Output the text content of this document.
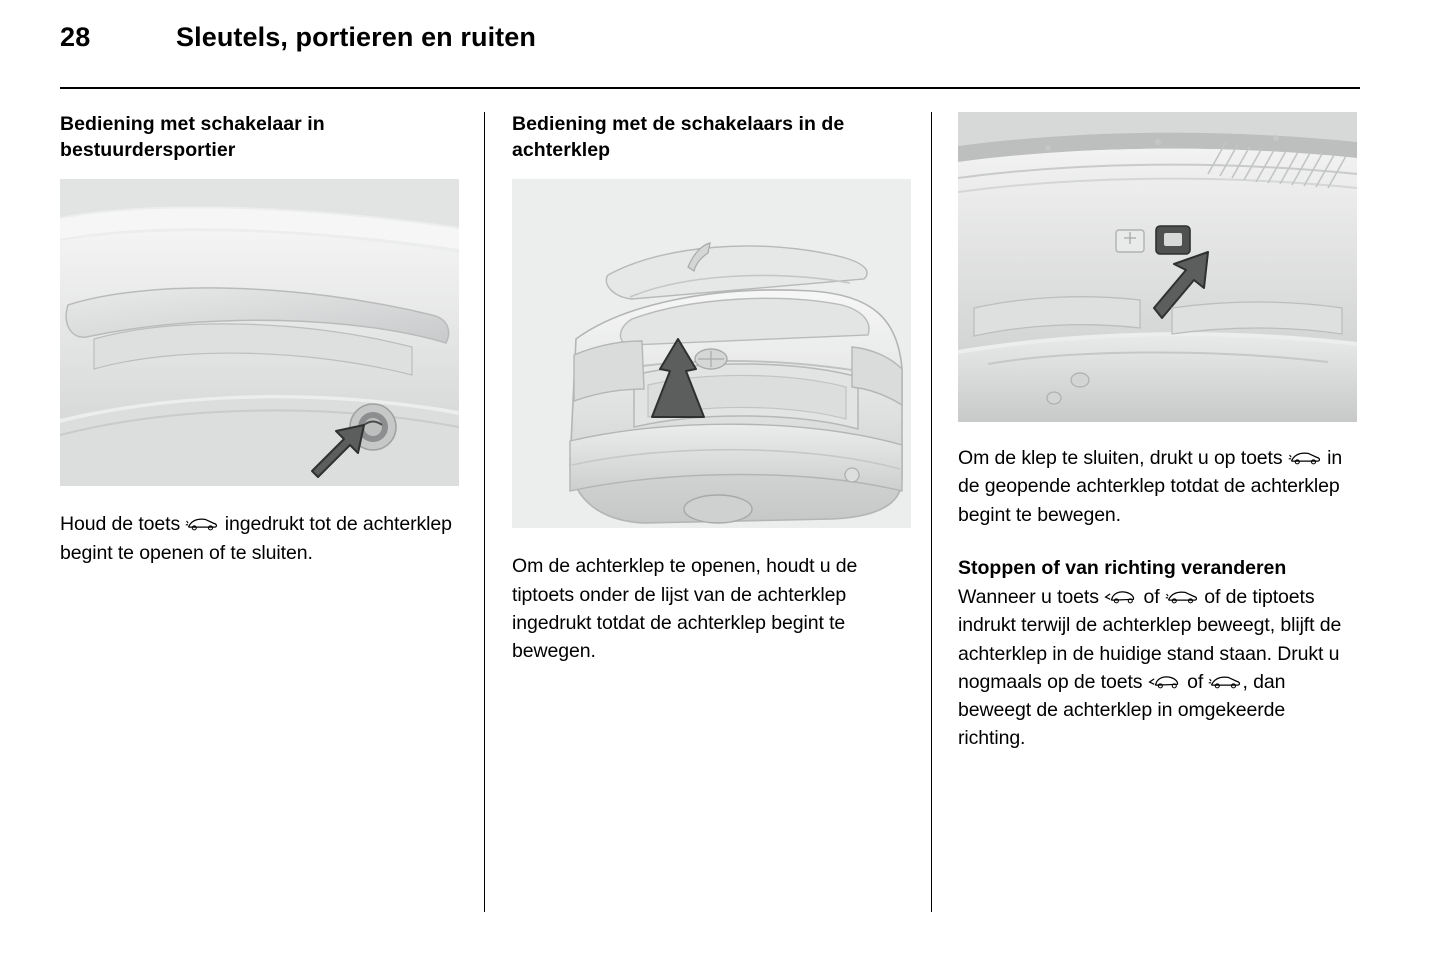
28	Sleutels, portieren en ruiten
Bediening met schakelaar in bestuurdersportier

Houd de toets
ingedrukt tot de achterklep begint te openen of te sluiten.

Bediening met de schakelaars in de achterklep

Om de achterklep te openen, houdt u de tiptoets onder de lijst van de achterklep ingedrukt totdat de achterklep begint te bewegen.

Om de klep te sluiten, drukt u op toets
in de geopende achterklep totdat de achterklep begint te bewegen.

Stoppen of van richting veranderen

Wanneer u toets
of
of de tiptoets indrukt terwijl de achterklep beweegt, blijft de achterklep in de huidige stand staan. Drukt u nogmaals op de toets
of
, dan beweegt de achterklep in omgekeerde richting.
